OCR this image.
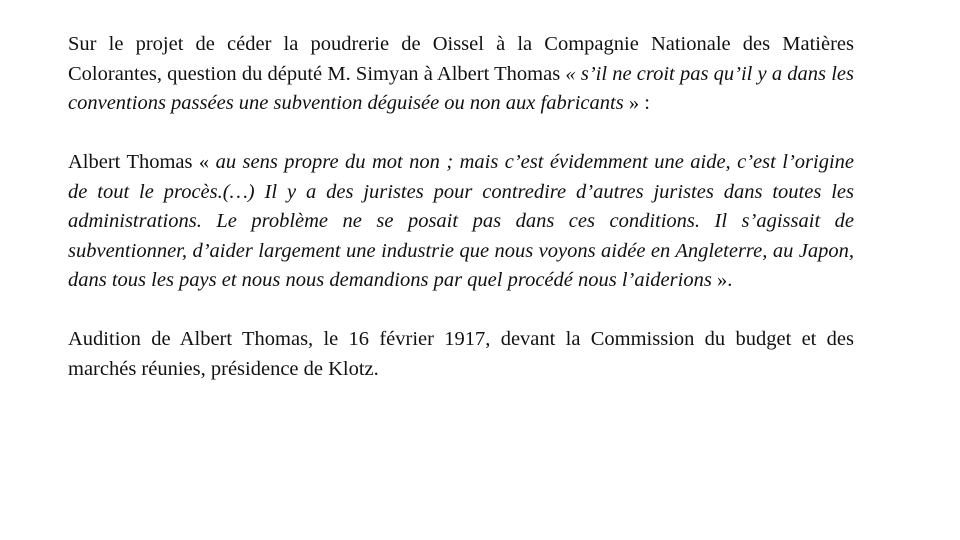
Sur le projet de céder la poudrerie de Oissel à la Compagnie Nationale des Matières Colorantes, question du député M. Simyan à Albert Thomas « s’il ne croit pas qu’il y a dans les conventions passées une subvention déguisée ou non aux fabricants » :

Albert Thomas « au sens propre du mot non ; mais c’est évidemment une aide, c’est l’origine de tout le procès.(…) Il y a des juristes pour contredire d’autres juristes dans toutes les administrations. Le problème ne se posait pas dans ces conditions. Il s’agissait de subventionner, d’aider largement une industrie que nous voyons aidée en Angleterre, au Japon, dans tous les pays et nous nous demandions par quel procédé nous l’aiderions ».

Audition de Albert Thomas, le 16 février 1917, devant la Commission du budget et des marchés réunies, présidence de Klotz.
